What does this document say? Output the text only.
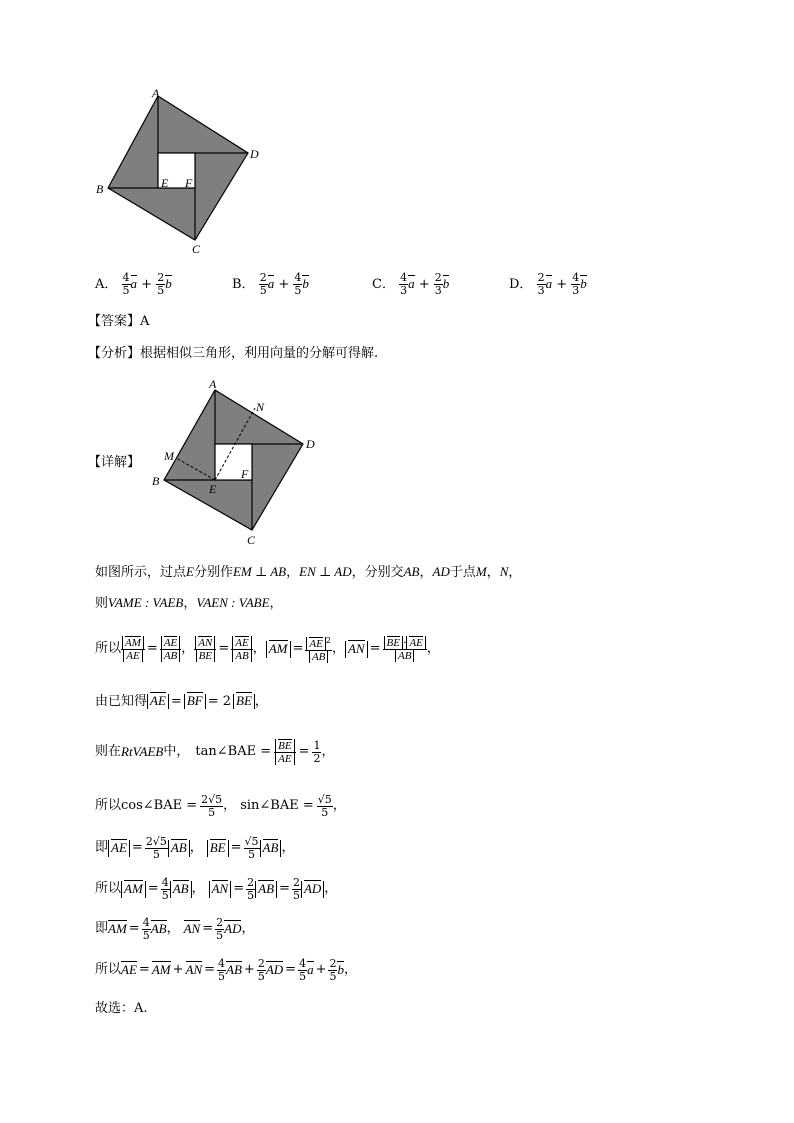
A
D
B	E F
C
A． $\frac{4}{5}$ $a + \frac{2}{5}$ b	B． $\frac{2}{5}$ $a + \frac{4}{5}$ b	C． $\frac{4}{3}$ $a + \frac{2}{3}$ b	D． $\frac{2}{3}$ $a + \frac{4}{3}$ b
【答案】A
【分析】根据相似三角形，利用向量的分解可得解.
【详解】
A
N
D
M
F
B
E
C
如图所示，过点E分别作EM ⊥ AB，EN ⊥ AD，分别交AB，AD于点M，N，
则VAME : VAEB，VAEN : VABE，
所以 $\frac{AM}{AE} = \frac{AE}{AB}$ ， $\frac{AN}{BE} = \frac{AE}{AB}$ ， AM = $\frac{AE ^2}{AB}$ ， AN = $\frac{BE \cdot AE}{AB}$ ，
由已知得 AE = BF = 2 BE ，
则在 Rt VAEB 中， tan∠BAE = $\frac{BE}{AE} = \frac{1}{2}$ ，
所以 cos∠BAE = $\frac{2√5}{5}$ ， sin∠BAE = $\frac{√5}{5}$ ，
即 AE = $\frac{2√5}{5}$ AB ， BE = $\frac{√5}{5}$ AB ，
所以 AM = $\frac{4}{5}$ AB ， AN = $\frac{2}{5}$ AB = $\frac{2}{5}$ AD ，
即 AM = $\frac{4}{5}$ AB ， AN = $\frac{2}{5}$ AD ，
所以 AE = AM + AN = $\frac{4}{5}$ AB + $\frac{2}{5}$ AD = $\frac{4}{5}$ $a + \frac{2}{5}$ b ，
故选：A.
